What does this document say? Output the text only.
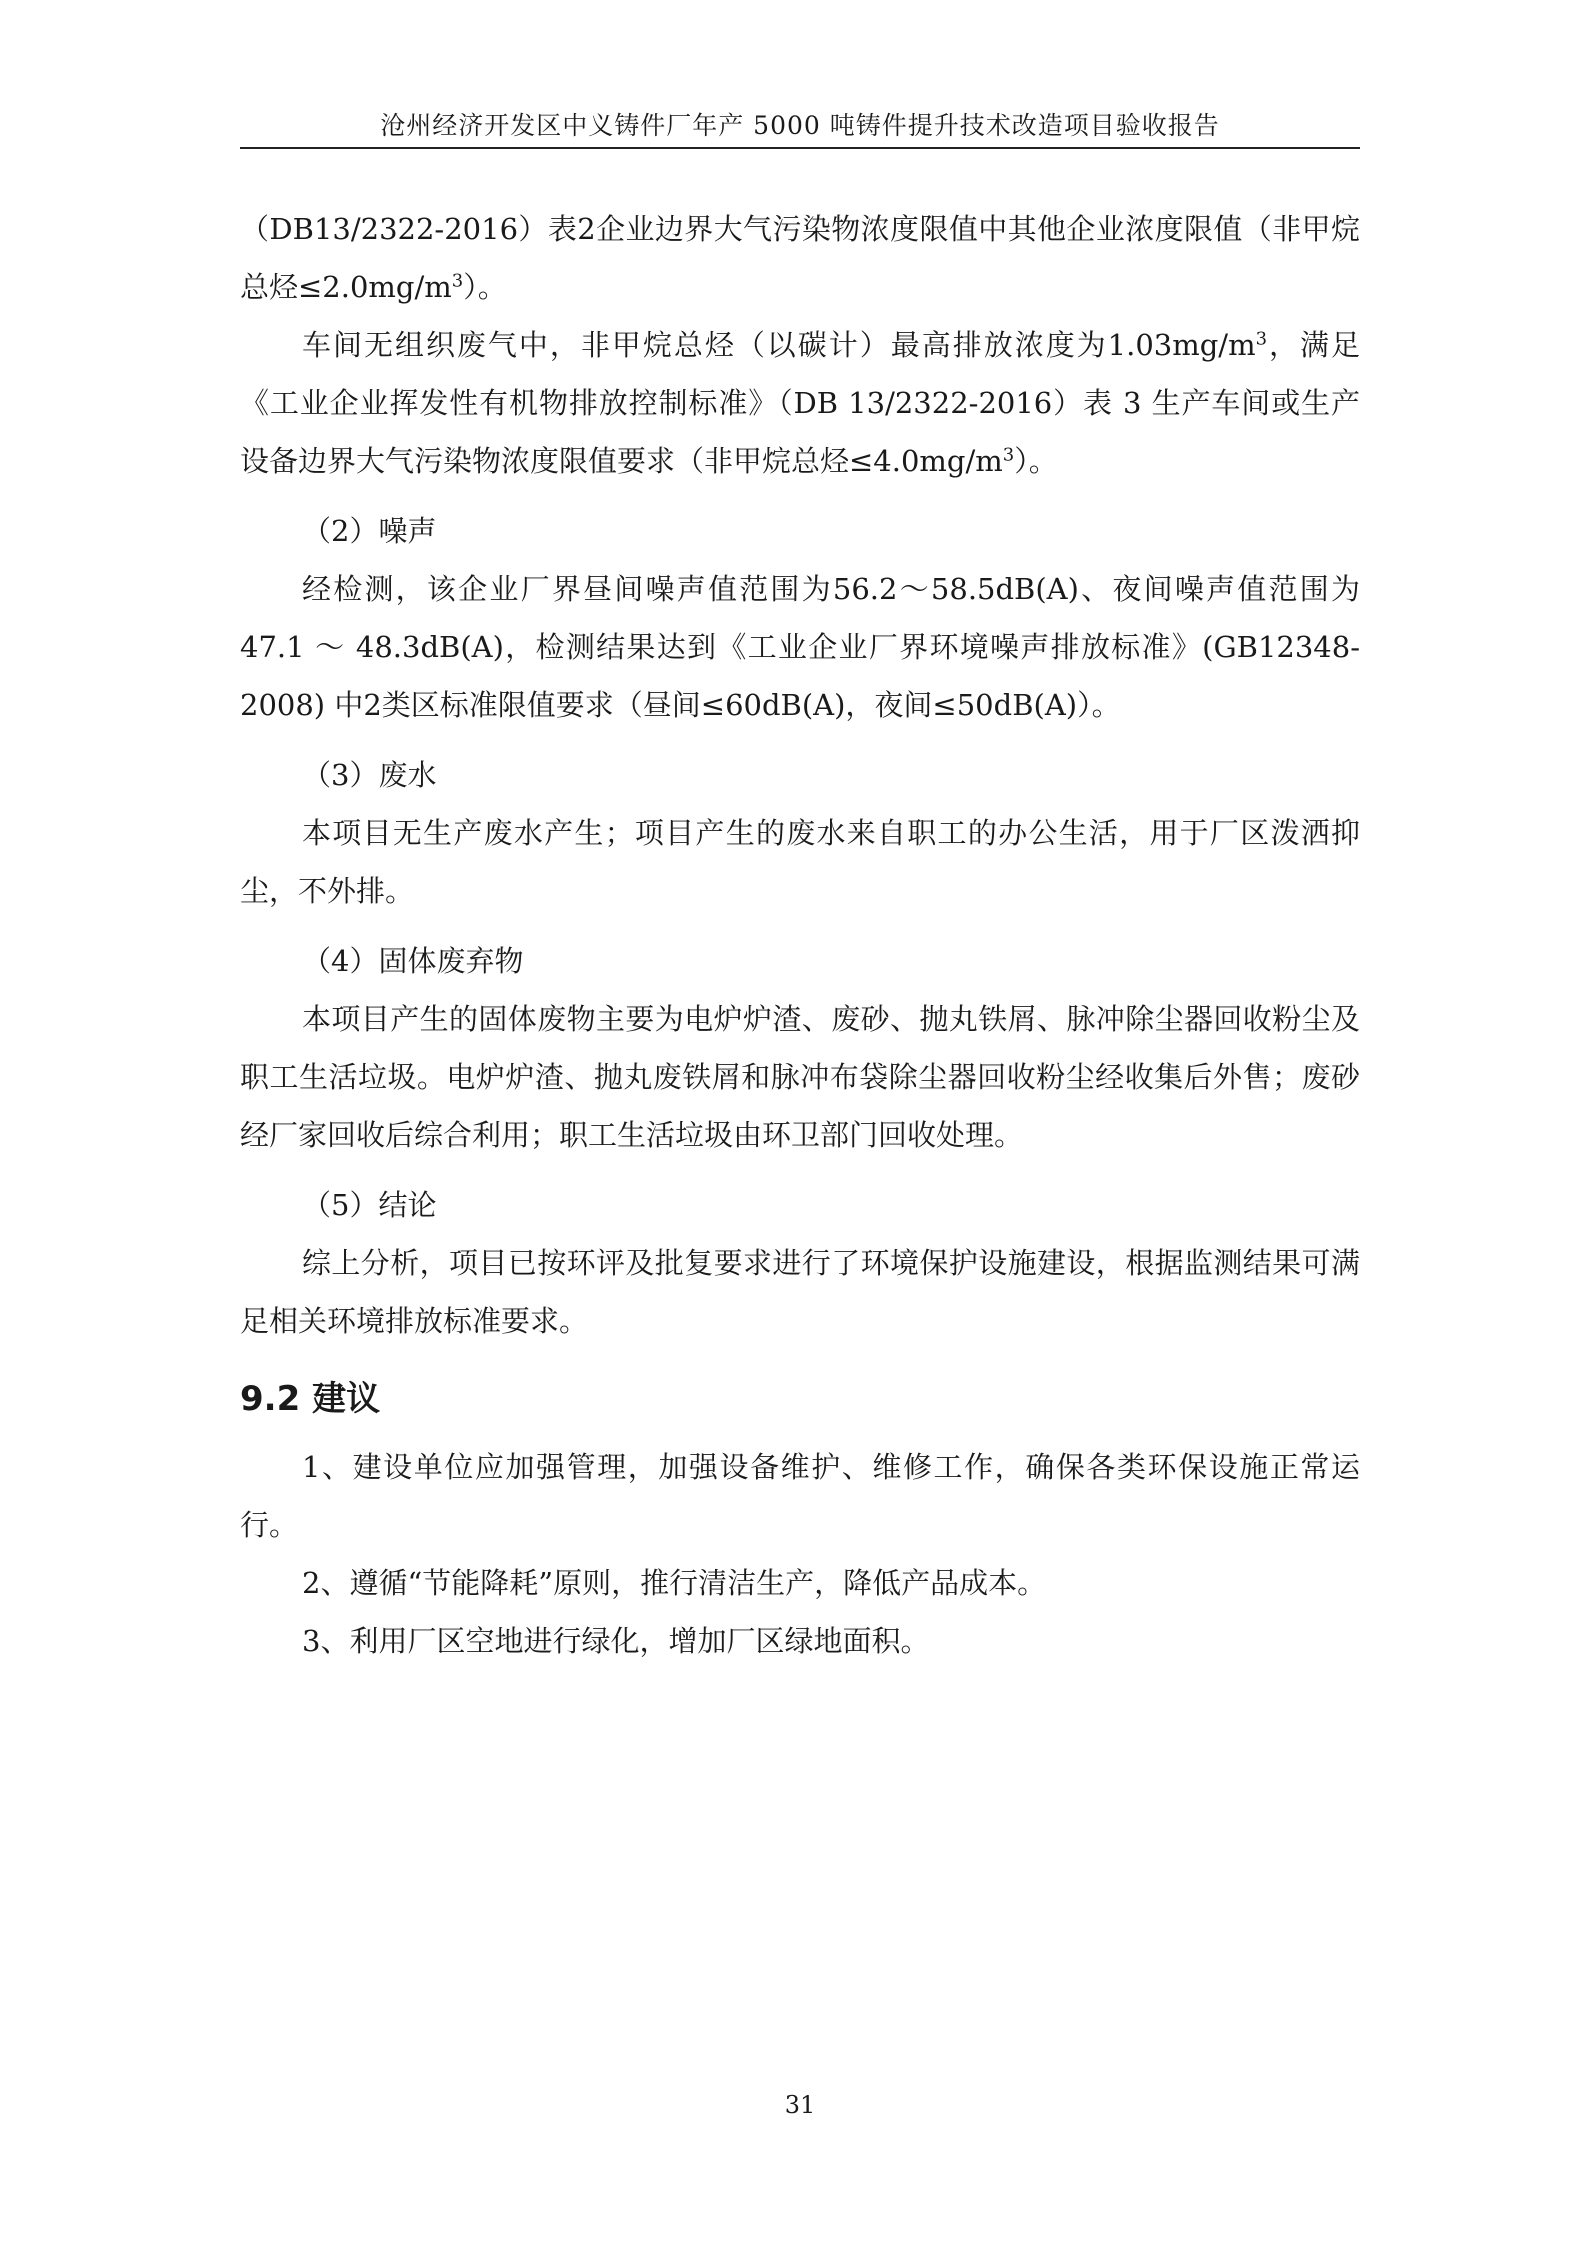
沧州经济开发区中义铸件厂年产 5000 吨铸件提升技术改造项目验收报告

（DB13/2322-2016）表2企业边界大气污染物浓度限值中其他企业浓度限值（非甲烷总烃$\le 2.0mg/m^3$）。

车间无组织废气中，非甲烷总烃（以碳计）最高排放浓度为$1.03mg/m^3$，满足《工业企业挥发性有机物排放控制标准》（DB 13/2322-2016）表 3 生产车间或生产设备边界大气污染物浓度限值要求（非甲烷总烃$\le 4.0mg/m^3$）。

（2）噪声

经检测，该企业厂界昼间噪声值范围为56.2～58.5dB(A)、夜间噪声值范围为47.1 ～ 48.3dB(A)，检测结果达到《工业企业厂界环境噪声排放标准》(GB12348-2008) 中2类区标准限值要求（昼间≤60dB(A)，夜间≤50dB(A)）。

（3）废水

本项目无生产废水产生；项目产生的废水来自职工的办公生活，用于厂区泼洒抑尘，不外排。

（4）固体废弃物

本项目产生的固体废物主要为电炉炉渣、废砂、抛丸铁屑、脉冲除尘器回收粉尘及职工生活垃圾。电炉炉渣、抛丸废铁屑和脉冲布袋除尘器回收粉尘经收集后外售；废砂经厂家回收后综合利用；职工生活垃圾由环卫部门回收处理。

（5）结论

综上分析，项目已按环评及批复要求进行了环境保护设施建设，根据监测结果可满足相关环境排放标准要求。

9.2 建议

1、建设单位应加强管理，加强设备维护、维修工作，确保各类环保设施正常运行。

2、遵循“节能降耗”原则，推行清洁生产，降低产品成本。

3、利用厂区空地进行绿化，增加厂区绿地面积。

31
